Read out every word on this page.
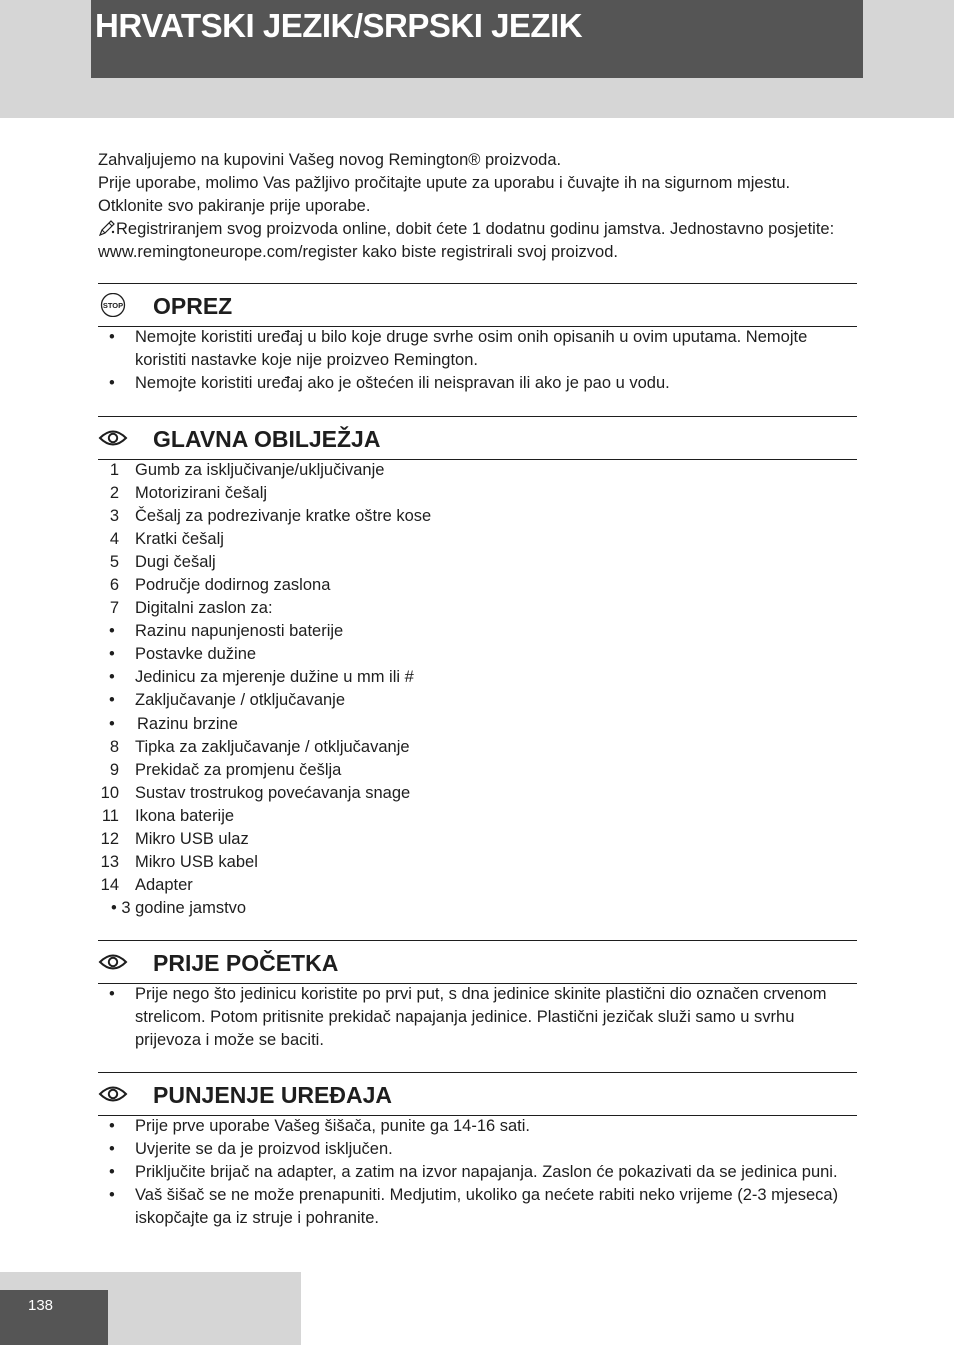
HRVATSKI JEZIK/SRPSKI JEZIK

Zahvaljujemo na kupovini Vašeg novog Remington® proizvoda.

Prije uporabe, molimo Vas pažljivo pročitajte upute za uporabu i čuvajte ih na sigurnom mjestu. Otklonite svo pakiranje prije uporabe.

Registriranjem svog proizvoda online, dobit ćete 1 dodatnu godinu jamstva. Jednostavno posjetite: www.remingtoneurope.com/register kako biste registrirali svoj proizvod.

STOP OPREZ
• Nemojte koristiti uređaj u bilo koje druge svrhe osim onih opisanih u ovim uputama. Nemojte koristiti nastavke koje nije proizveo Remington.
• Nemojte koristiti uređaj ako je oštećen ili neispravan ili ako je pao u vodu.
GLAVNA OBILJEŽJA
1 Gumb za isključivanje/uključivanje
2 Motorizirani češalj
3 Češalj za podrezivanje kratke oštre kose
4 Kratki češalj
5 Dugi češalj
6 Područje dodirnog zaslona
7 Digitalni zaslon za:
• Razinu napunjenosti baterije
• Postavke dužine
• Jedinicu za mjerenje dužine u mm ili #
• Zaključavanje / otključavanje
• Razinu brzine
8 Tipka za zaključavanje / otključavanje
9 Prekidač za promjenu češlja
10 Sustav trostrukog povećavanja snage
11 Ikona baterije
12 Mikro USB ulaz
13 Mikro USB kabel
14 Adapter
• 3 godine jamstvo
PRIJE POČETKA
• Prije nego što jedinicu koristite po prvi put, s dna jedinice skinite plastični dio označen crvenom strelicom. Potom pritisnite prekidač napajanja jedinice. Plastični jezičak služi samo u svrhu prijevoza i može se baciti.
PUNJENJE UREĐAJA
• Prije prve uporabe Vašeg šišača, punite ga 14-16 sati.
• Uvjerite se da je proizvod isključen.
• Priključite brijač na adapter, a zatim na izvor napajanja. Zaslon će pokazivati da se jedinica puni.
• Vaš šišač se ne može prenapuniti. Medjutim, ukoliko ga nećete rabiti neko vrijeme (2-3 mjeseca) iskopčajte ga iz struje i pohranite.
138
